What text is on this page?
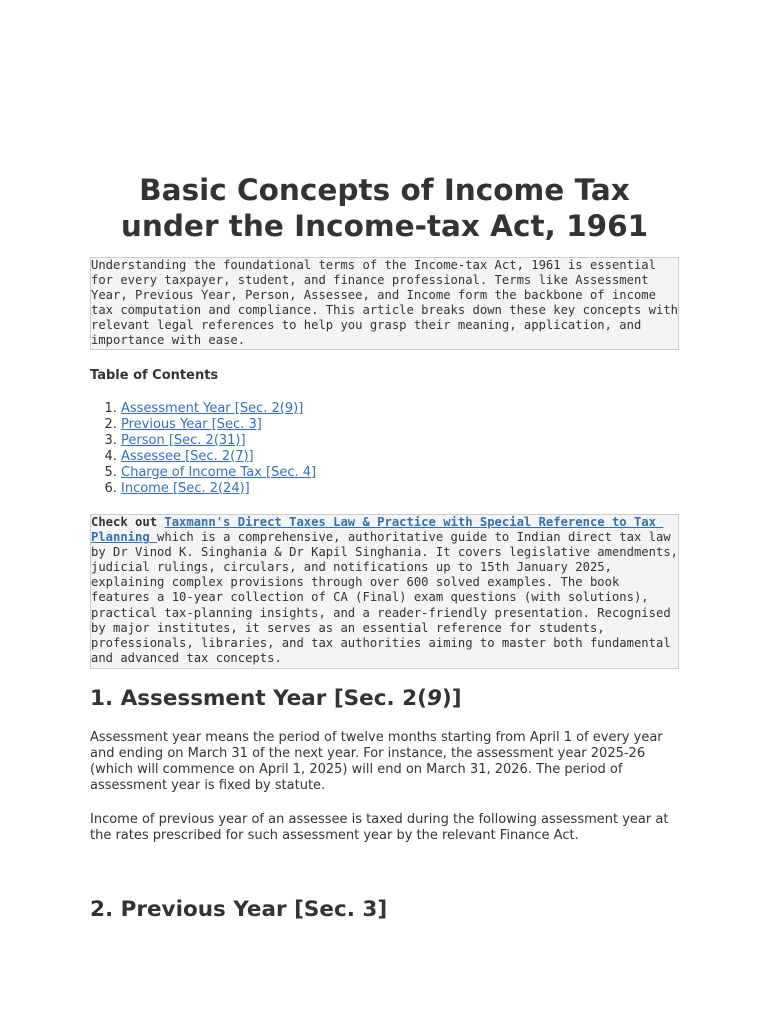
Basic Concepts of Income Tax under the Income-tax Act, 1961
Understanding the foundational terms of the Income-tax Act, 1961 is essential for every taxpayer, student, and finance professional. Terms like Assessment Year, Previous Year, Person, Assessee, and Income form the backbone of income tax computation and compliance. This article breaks down these key concepts with relevant legal references to help you grasp their meaning, application, and importance with ease.

Table of Contents

1. Assessment Year [Sec. 2(9)]
2. Previous Year [Sec. 3]
3. Person [Sec. 2(31)]
4. Assessee [Sec. 2(7)]
5. Charge of Income Tax [Sec. 4]
6. Income [Sec. 2(24)]
Check out Taxmann's Direct Taxes Law & Practice with Special Reference to Tax Planning which is a comprehensive, authoritative guide to Indian direct tax law by Dr Vinod K. Singhania & Dr Kapil Singhania. It covers legislative amendments, judicial rulings, circulars, and notifications up to 15th January 2025, explaining complex provisions through over 600 solved examples. The book features a 10-year collection of CA (Final) exam questions (with solutions), practical tax-planning insights, and a reader-friendly presentation. Recognised by major institutes, it serves as an essential reference for students, professionals, libraries, and tax authorities aiming to master both fundamental and advanced tax concepts.
1. Assessment Year [Sec. 2(9)]

Assessment year means the period of twelve months starting from April 1 of every year and ending on March 31 of the next year. For instance, the assessment year 2025-26 (which will commence on April 1, 2025) will end on March 31, 2026. The period of assessment year is fixed by statute.

Income of previous year of an assessee is taxed during the following assessment year at the rates prescribed for such assessment year by the relevant Finance Act.

2. Previous Year [Sec. 3]
